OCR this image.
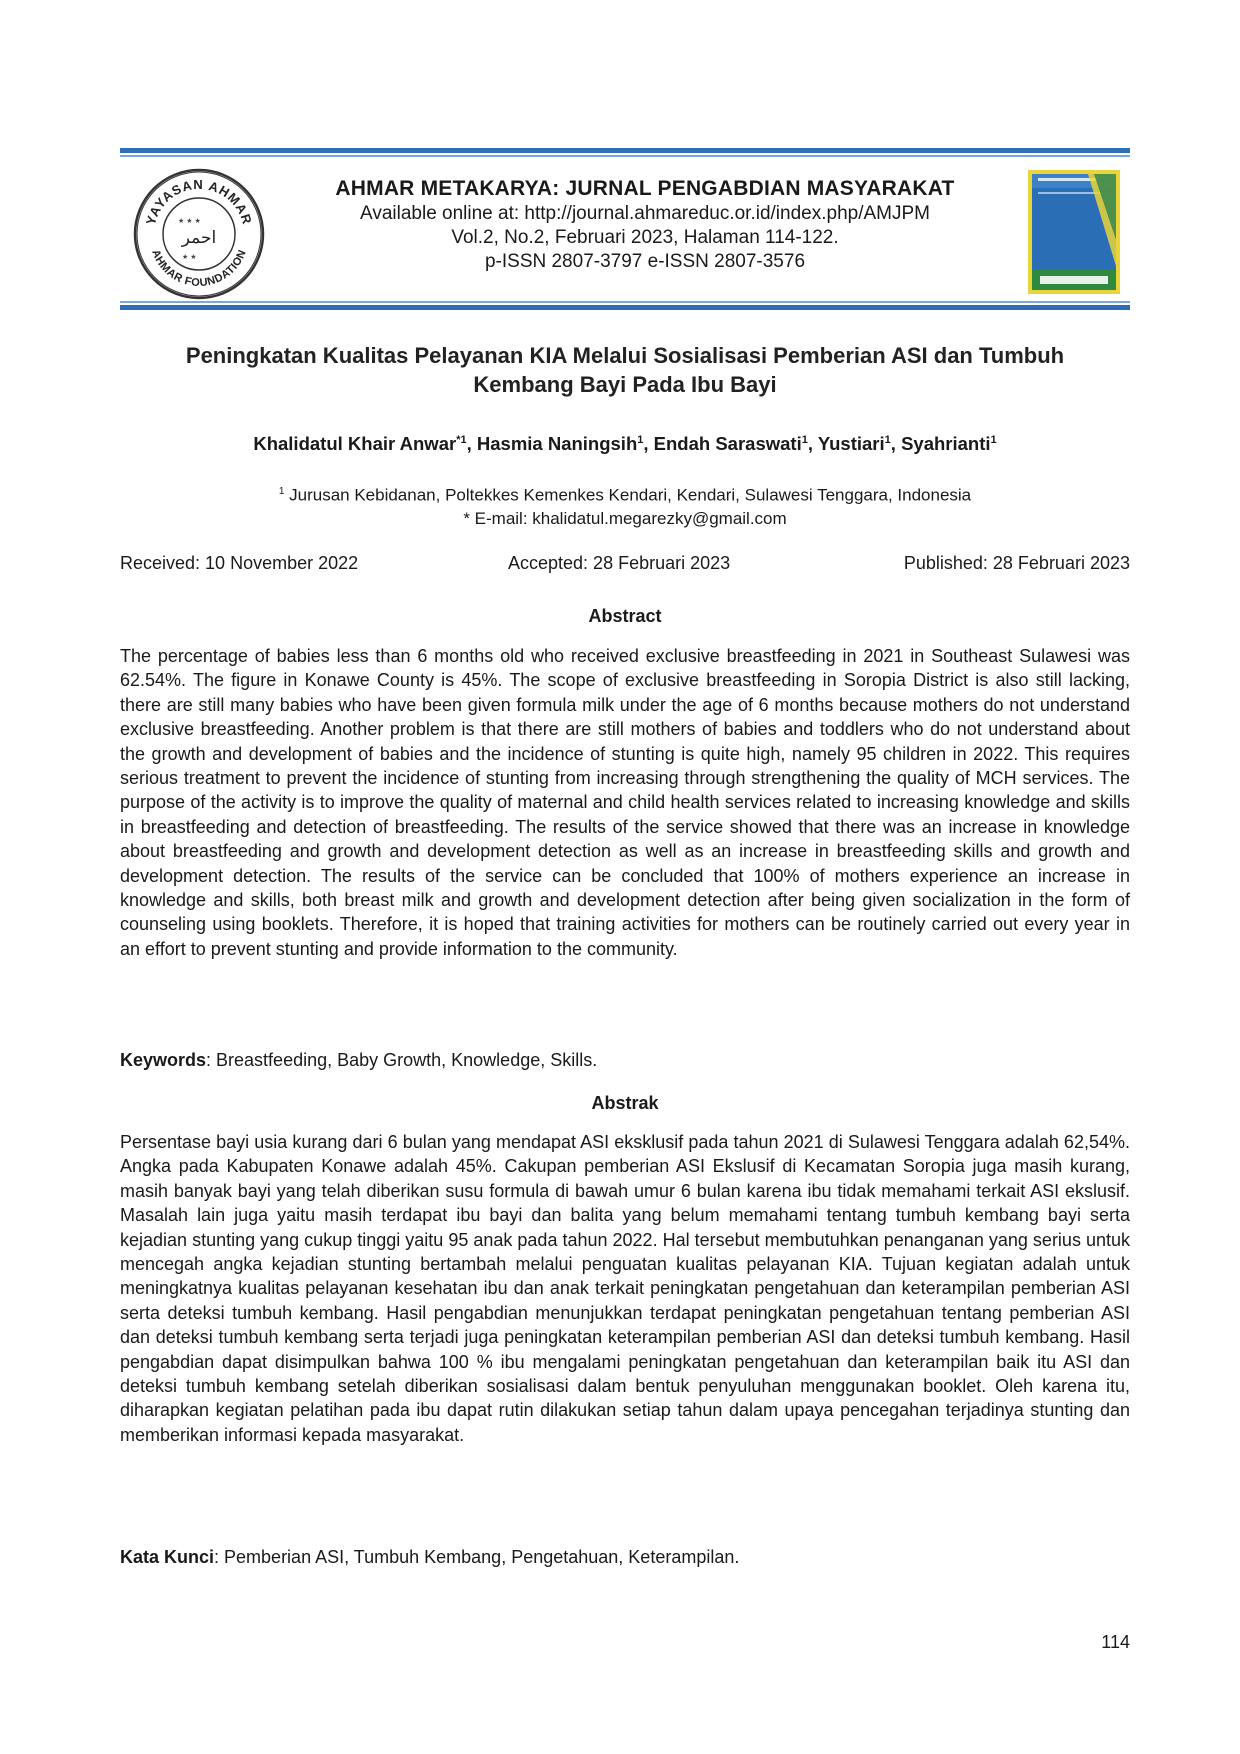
YAYASAN AHMAR
AHMAR FOUNDATION
★ ★ ★
احمر
★ ★
AHMAR METAKARYA: JURNAL PENGABDIAN MASYARAKAT
Available online at: http://journal.ahmareduc.or.id/index.php/AMJPM
Vol.2, No.2, Februari 2023, Halaman 114-122.
p-ISSN 2807-3797 e-ISSN 2807-3576
Peningkatan Kualitas Pelayanan KIA Melalui Sosialisasi Pemberian ASI dan Tumbuh
Kembang Bayi Pada Ibu Bayi
Khalidatul Khair Anwar$^{*1}$, Hasmia Naningsih$^1$, Endah Saraswati$^1$, Yustiari$^1$, Syahrianti$^1$
$^1$ Jurusan Kebidanan, Poltekkes Kemenkes Kendari, Kendari, Sulawesi Tenggara, Indonesia
* E-mail: khalidatul.megarezky@gmail.com
Received: 10 November 2022	Accepted: 28 Februari 2023	Published: 28 Februari 2023
Abstract

The percentage of babies less than 6 months old who received exclusive breastfeeding in 2021 in Southeast Sulawesi was 62.54%. The figure in Konawe County is 45%. The scope of exclusive breastfeeding in Soropia District is also still lacking, there are still many babies who have been given formula milk under the age of 6 months because mothers do not understand exclusive breastfeeding. Another problem is that there are still mothers of babies and toddlers who do not understand about the growth and development of babies and the incidence of stunting is quite high, namely 95 children in 2022. This requires serious treatment to prevent the incidence of stunting from increasing through strengthening the quality of MCH services. The purpose of the activity is to improve the quality of maternal and child health services related to increasing knowledge and skills in breastfeeding and detection of breastfeeding. The results of the service showed that there was an increase in knowledge about breastfeeding and growth and development detection as well as an increase in breastfeeding skills and growth and development detection. The results of the service can be concluded that 100% of mothers experience an increase in knowledge and skills, both breast milk and growth and development detection after being given socialization in the form of counseling using booklets. Therefore, it is hoped that training activities for mothers can be routinely carried out every year in an effort to prevent stunting and provide information to the community.

Keywords: Breastfeeding, Baby Growth, Knowledge, Skills.
Abstrak

Persentase bayi usia kurang dari 6 bulan yang mendapat ASI eksklusif pada tahun 2021 di Sulawesi Tenggara adalah 62,54%. Angka pada Kabupaten Konawe adalah 45%. Cakupan pemberian ASI Ekslusif di Kecamatan Soropia juga masih kurang, masih banyak bayi yang telah diberikan susu formula di bawah umur 6 bulan karena ibu tidak memahami terkait ASI ekslusif. Masalah lain juga yaitu masih terdapat ibu bayi dan balita yang belum memahami tentang tumbuh kembang bayi serta kejadian stunting yang cukup tinggi yaitu 95 anak pada tahun 2022. Hal tersebut membutuhkan penanganan yang serius untuk mencegah angka kejadian stunting bertambah melalui penguatan kualitas pelayanan KIA. Tujuan kegiatan adalah untuk meningkatnya kualitas pelayanan kesehatan ibu dan anak terkait peningkatan pengetahuan dan keterampilan pemberian ASI serta deteksi tumbuh kembang. Hasil pengabdian menunjukkan terdapat peningkatan pengetahuan tentang pemberian ASI dan deteksi tumbuh kembang serta terjadi juga peningkatan keterampilan pemberian ASI dan deteksi tumbuh kembang. Hasil pengabdian dapat disimpulkan bahwa 100 % ibu mengalami peningkatan pengetahuan dan keterampilan baik itu ASI dan deteksi tumbuh kembang setelah diberikan sosialisasi dalam bentuk penyuluhan menggunakan booklet. Oleh karena itu, diharapkan kegiatan pelatihan pada ibu dapat rutin dilakukan setiap tahun dalam upaya pencegahan terjadinya stunting dan memberikan informasi kepada masyarakat.

Kata Kunci: Pemberian ASI, Tumbuh Kembang, Pengetahuan, Keterampilan.
114
